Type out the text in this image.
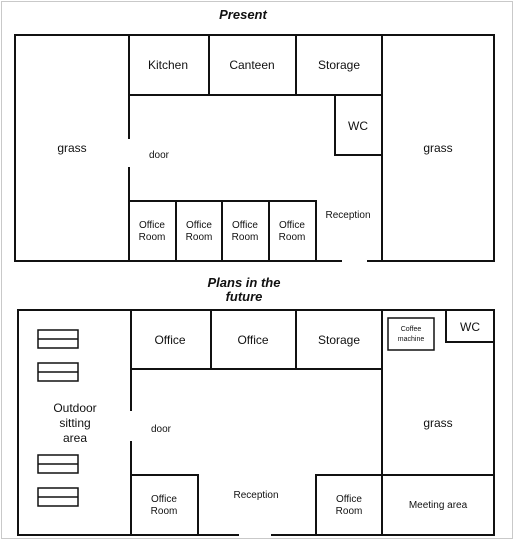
Present
grass
Kitchen	Canteen	Storage
WC
grass
door
Office
Room
Office
Room
Office
Room
Office
Room
Reception
Plans in the
future
Coffee
machine
Outdoor
sitting
area
Office	Office	Storage
WC
door	grass
Office
Room
Reception	Office
Room
Meeting area
